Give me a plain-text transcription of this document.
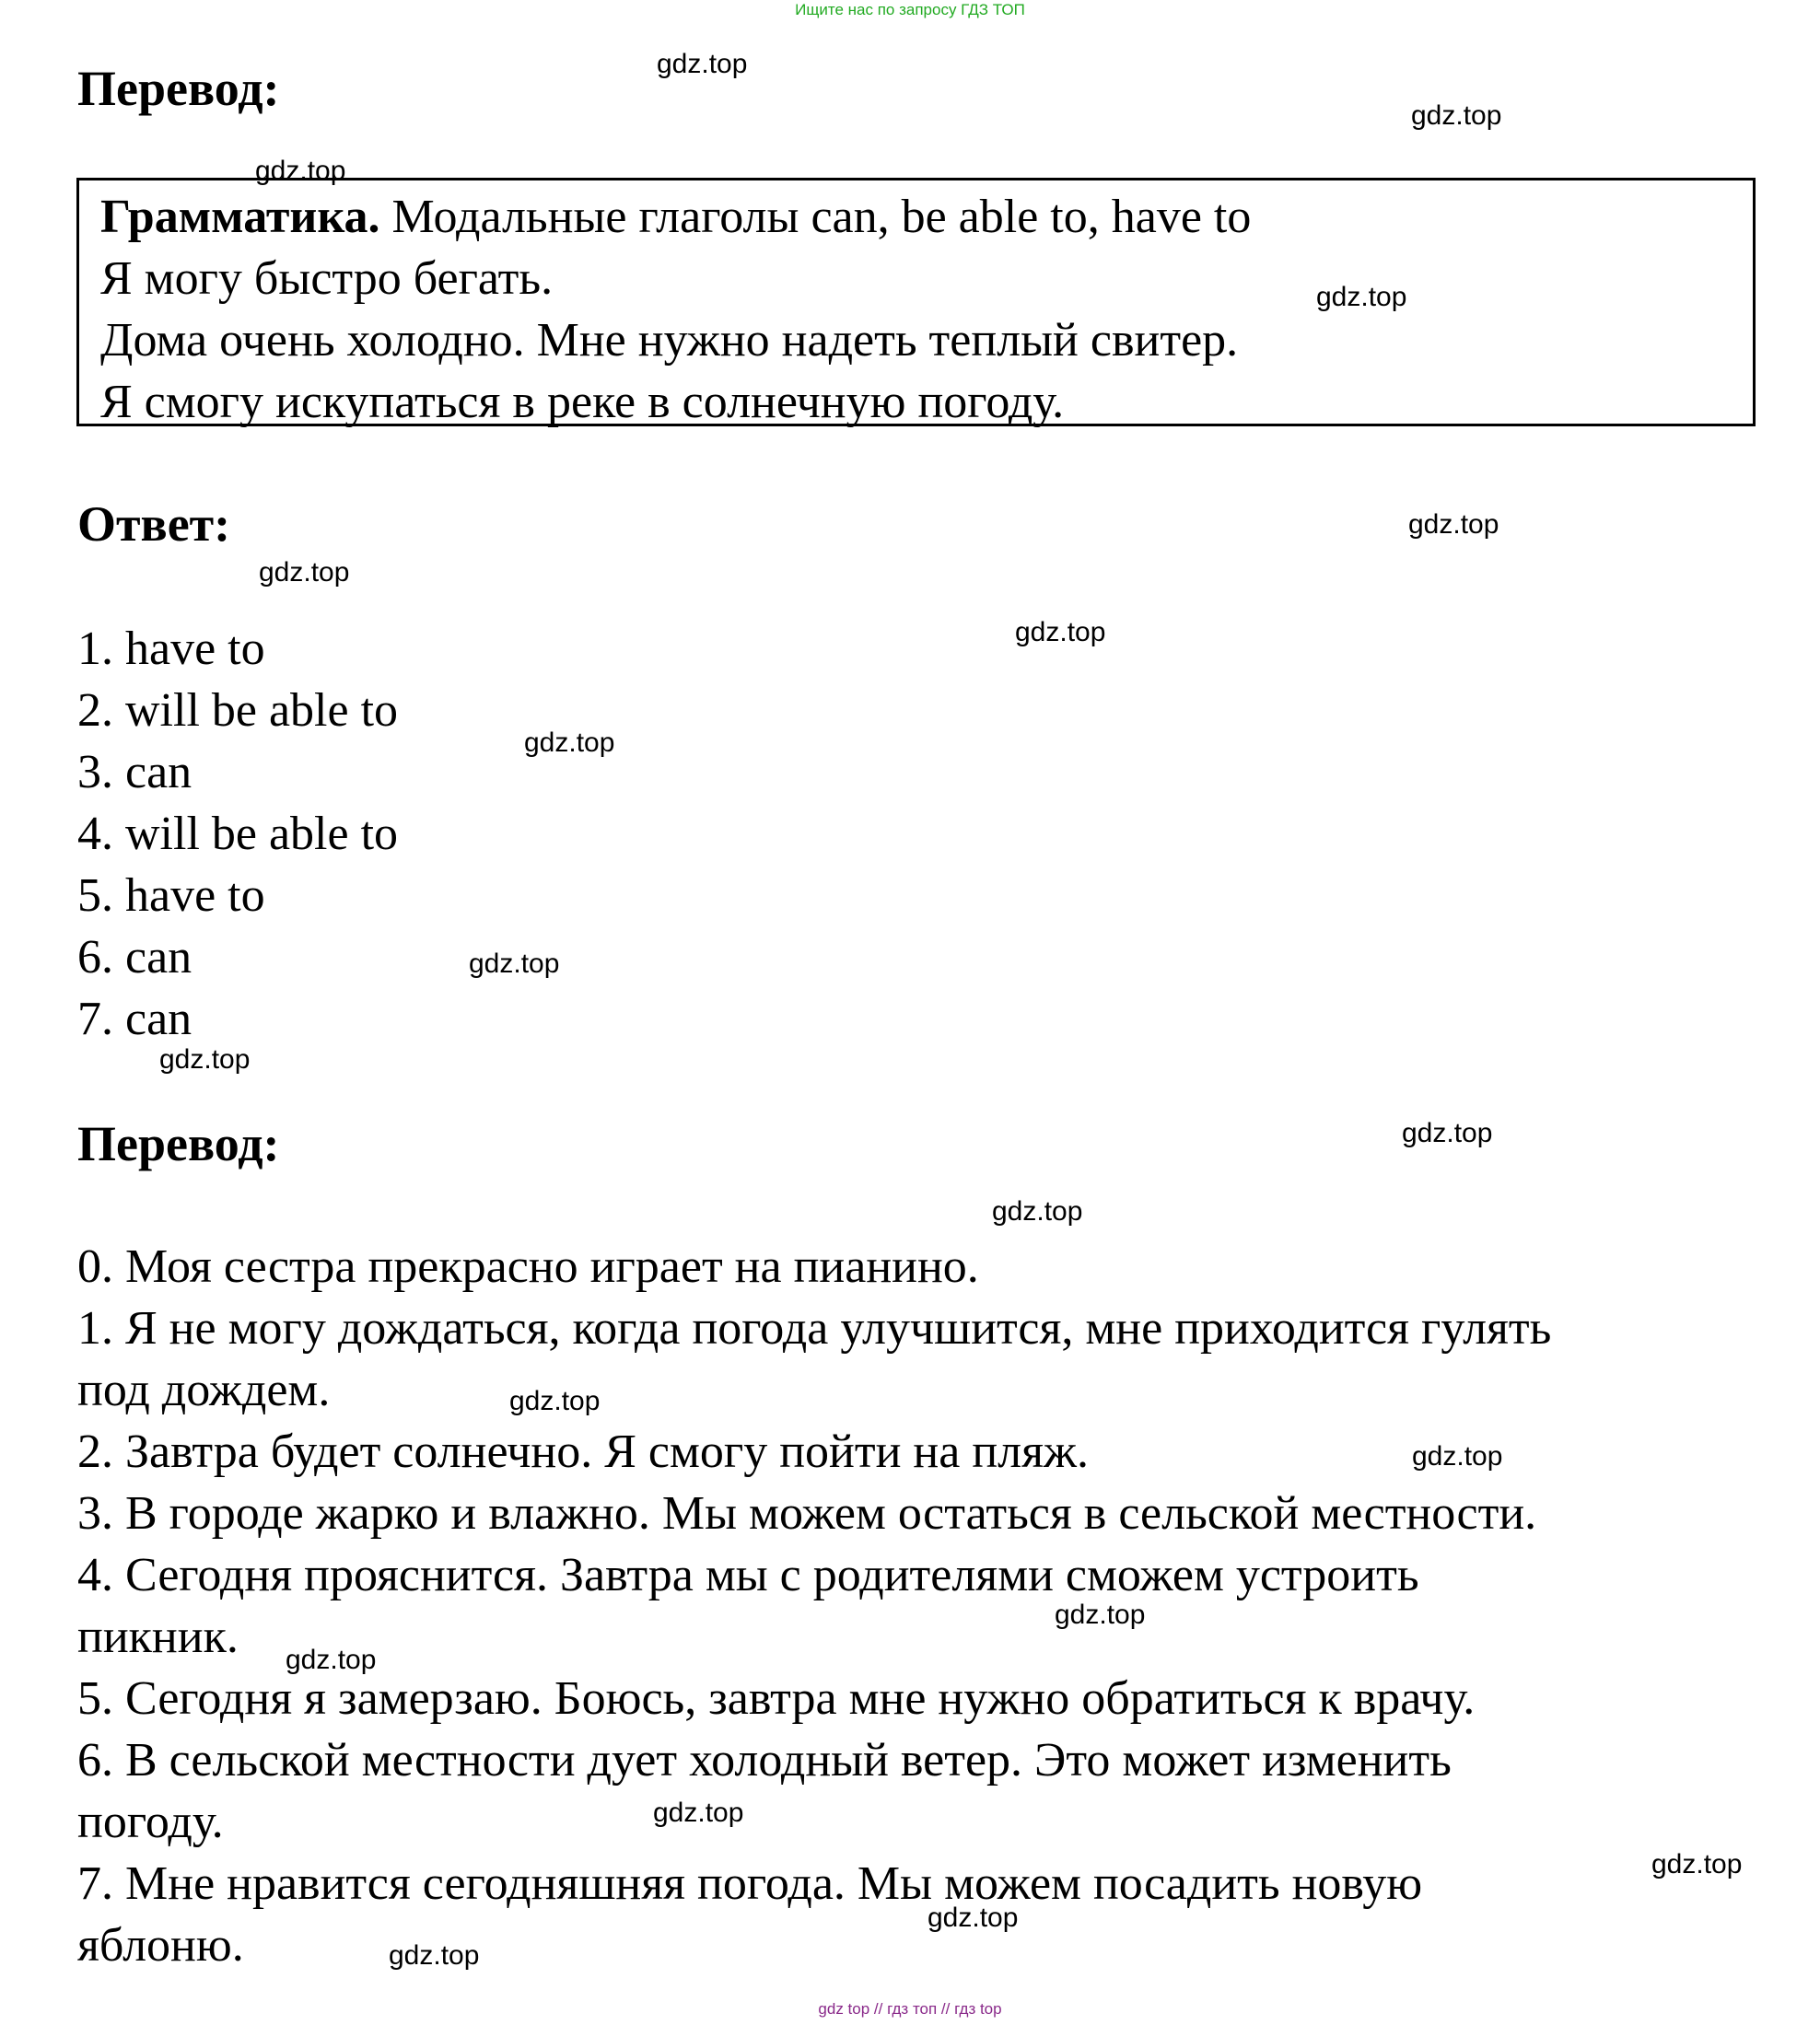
Ищите нас по запросу ГДЗ ТОП
Перевод:
Грамматика. Модальные глаголы can, be able to, have to
Я могу быстро бегать.
Дома очень холодно. Мне нужно надеть теплый свитер.
Я смогу искупаться в реке в солнечную погоду.
Ответ:
1. have to
2. will be able to
3. can
4. will be able to
5. have to
6. can
7. can
Перевод:
0. Моя сестра прекрасно играет на пианино.
1. Я не могу дождаться, когда погода улучшится, мне приходится гулять
под дождем.
2. Завтра будет солнечно. Я смогу пойти на пляж.
3. В городе жарко и влажно. Мы можем остаться в сельской местности.
4. Сегодня прояснится. Завтра мы с родителями сможем устроить
пикник.
5. Сегодня я замерзаю. Боюсь, завтра мне нужно обратиться к врачу.
6. В сельской местности дует холодный ветер. Это может изменить
погоду.
7. Мне нравится сегодняшняя погода. Мы можем посадить новую
яблоню.
gdz.top
gdz.top
gdz.top
gdz.top
gdz.top
gdz.top
gdz.top
gdz.top
gdz.top
gdz.top
gdz.top
gdz.top
gdz.top
gdz.top
gdz.top
gdz.top
gdz.top
gdz.top
gdz.top
gdz.top
gdz top // гдз топ // гдз top
